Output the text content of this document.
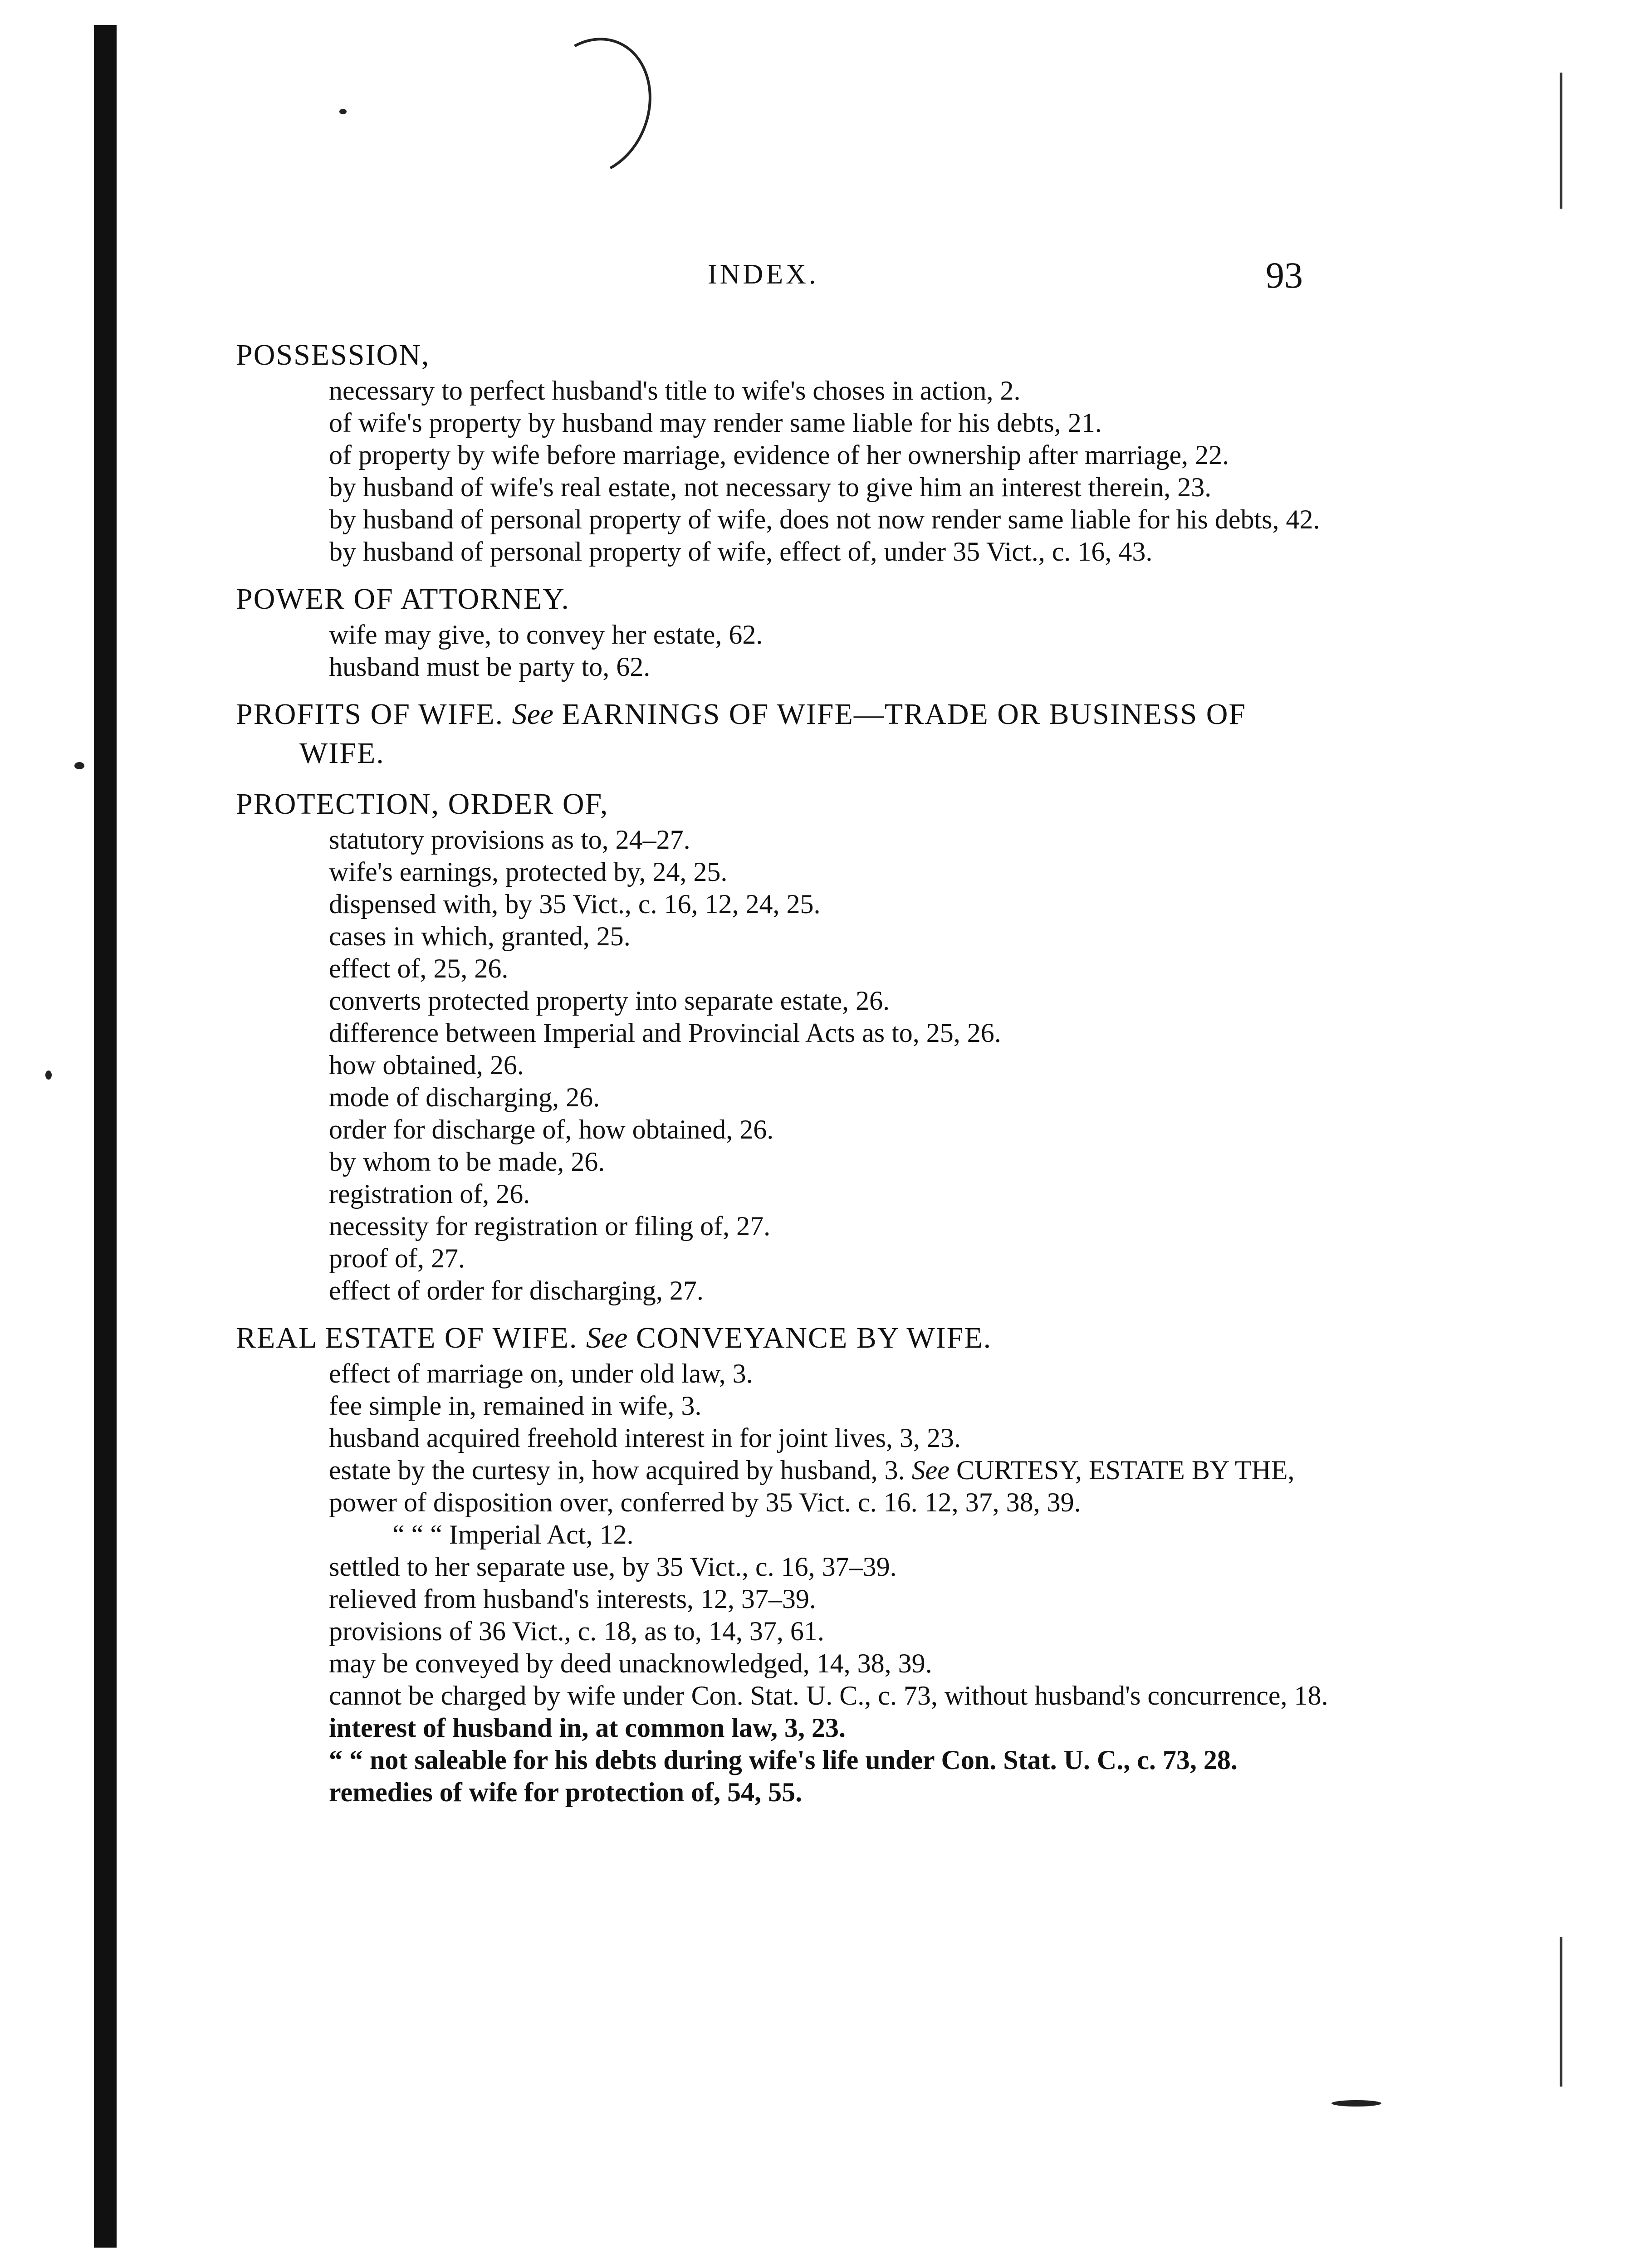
INDEX.	93

POSSESSION,

necessary to perfect husband's title to wife's choses in action, 2.

of wife's property by husband may render same liable for his debts, 21.

of property by wife before marriage, evidence of her ownership after marriage, 22.

by husband of wife's real estate, not necessary to give him an interest therein, 23.

by husband of personal property of wife, does not now render same liable for his debts, 42.

by husband of personal property of wife, effect of, under 35 Vict., c. 16, 43.

POWER OF ATTORNEY.

wife may give, to convey her estate, 62.

husband must be party to, 62.

PROFITS OF WIFE. See EARNINGS OF WIFE—TRADE OR BUSINESS OF WIFE.

PROTECTION, ORDER OF,

statutory provisions as to, 24–27.

wife's earnings, protected by, 24, 25.

dispensed with, by 35 Vict., c. 16, 12, 24, 25.

cases in which, granted, 25.

effect of, 25, 26.

converts protected property into separate estate, 26.

difference between Imperial and Provincial Acts as to, 25, 26.

how obtained, 26.

mode of discharging, 26.

order for discharge of, how obtained, 26.

by whom to be made, 26.

registration of, 26.

necessity for registration or filing of, 27.

proof of, 27.

effect of order for discharging, 27.

REAL ESTATE OF WIFE. See CONVEYANCE BY WIFE.

effect of marriage on, under old law, 3.

fee simple in, remained in wife, 3.

husband acquired freehold interest in for joint lives, 3, 23.

estate by the curtesy in, how acquired by husband, 3. See CURTESY, ESTATE BY THE,

power of disposition over, conferred by 35 Vict. c. 16. 12, 37, 38, 39.

“ “ “ Imperial Act, 12.

settled to her separate use, by 35 Vict., c. 16, 37–39.

relieved from husband's interests, 12, 37–39.

provisions of 36 Vict., c. 18, as to, 14, 37, 61.

may be conveyed by deed unacknowledged, 14, 38, 39.

cannot be charged by wife under Con. Stat. U. C., c. 73, without husband's concurrence, 18.

interest of husband in, at common law, 3, 23.

“ “ not saleable for his debts during wife's life under Con. Stat. U. C., c. 73, 28.

remedies of wife for protection of, 54, 55.
